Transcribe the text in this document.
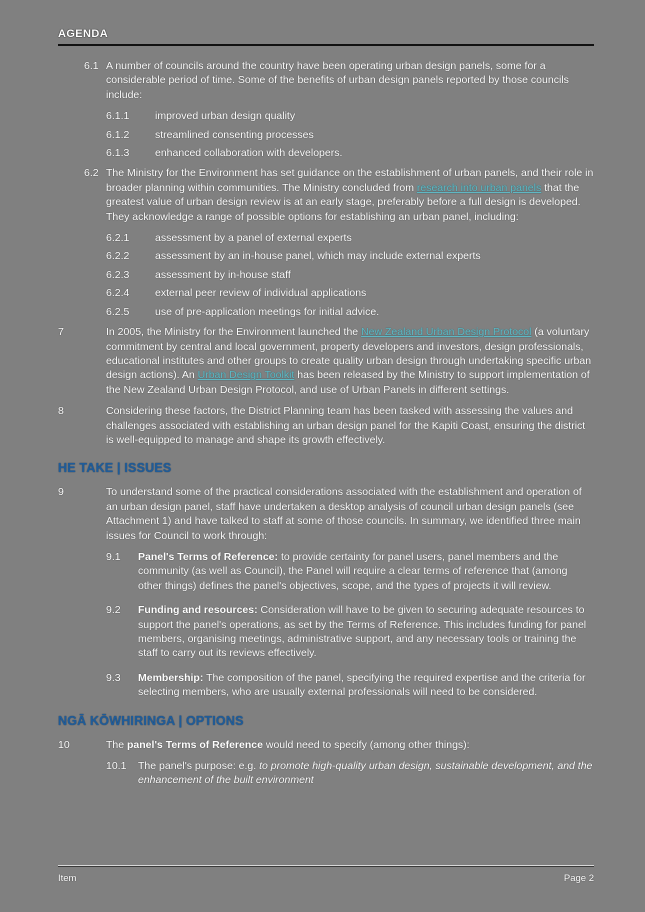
AGENDA
6.1 A number of councils around the country have been operating urban design panels, some for a considerable period of time. Some of the benefits of urban design panels reported by those councils include:
6.1.1	improved urban design quality
6.1.2	streamlined consenting processes
6.1.3	enhanced collaboration with developers.
6.2 The Ministry for the Environment has set guidance on the establishment of urban panels, and their role in broader planning within communities. The Ministry concluded from research into urban panels that the greatest value of urban design review is at an early stage, preferably before a full design is developed. They acknowledge a range of possible options for establishing an urban panel, including:
6.2.1	assessment by a panel of external experts
6.2.2	assessment by an in-house panel, which may include external experts
6.2.3	assessment by in-house staff
6.2.4	external peer review of individual applications
6.2.5	use of pre-application meetings for initial advice.
7	In 2005, the Ministry for the Environment launched the New Zealand Urban Design Protocol (a voluntary commitment by central and local government, property developers and investors, design professionals, educational institutes and other groups to create quality urban design through undertaking specific urban design actions). An Urban Design Toolkit has been released by the Ministry to support implementation of the New Zealand Urban Design Protocol, and use of Urban Panels in different settings.
8	Considering these factors, the District Planning team has been tasked with assessing the values and challenges associated with establishing an urban design panel for the Kapiti Coast, ensuring the district is well-equipped to manage and shape its growth effectively.
HE TAKE | ISSUES
9	To understand some of the practical considerations associated with the establishment and operation of an urban design panel, staff have undertaken a desktop analysis of council urban design panels (see Attachment 1) and have talked to staff at some of those councils. In summary, we identified three main issues for Council to work through:
9.1	Panel's Terms of Reference: to provide certainty for panel users, panel members and the community (as well as Council), the Panel will require a clear terms of reference that (among other things) defines the panel's objectives, scope, and the types of projects it will review.
9.2	Funding and resources: Consideration will have to be given to securing adequate resources to support the panel's operations, as set by the Terms of Reference. This includes funding for panel members, organising meetings, administrative support, and any necessary tools or training the staff to carry out its reviews effectively.
9.3	Membership: The composition of the panel, specifying the required expertise and the criteria for selecting members, who are usually external professionals will need to be considered.
NGĀ KŌWHIRINGA | OPTIONS
10	The panel's Terms of Reference would need to specify (among other things):
10.1	The panel's purpose: e.g. to promote high-quality urban design, sustainable development, and the enhancement of the built environment
Item	Page 2
